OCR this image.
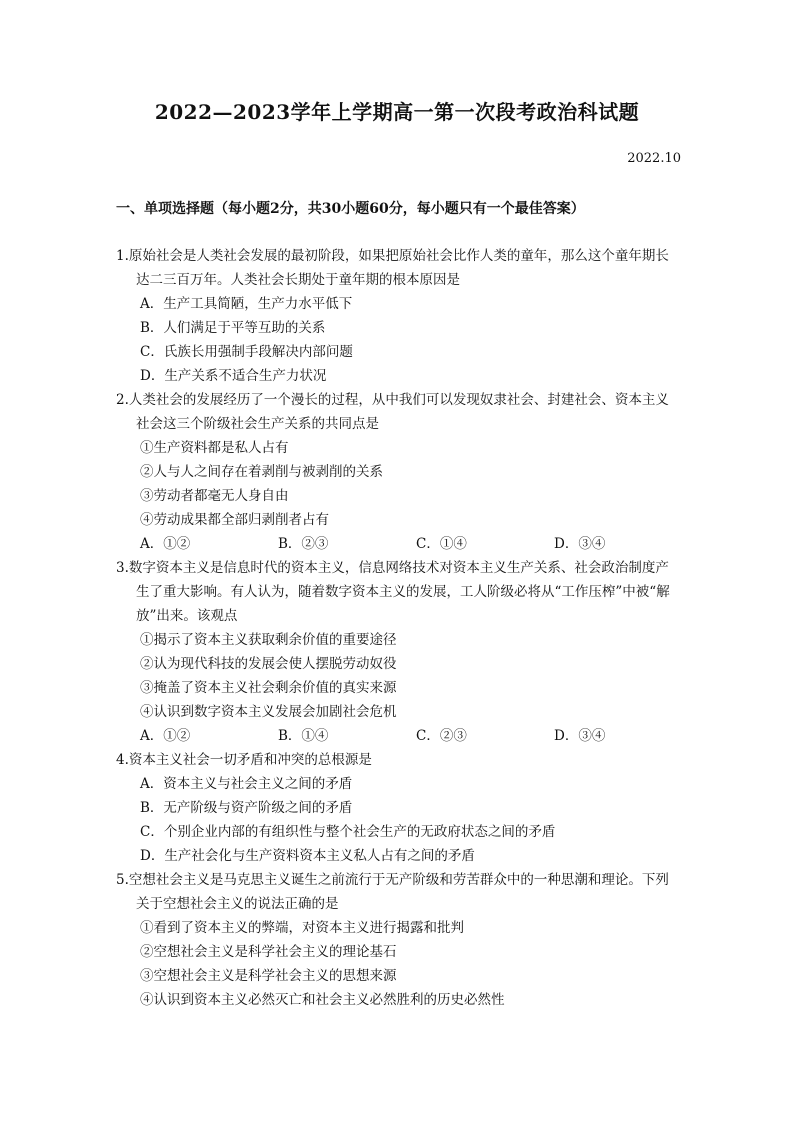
2022—2023学年上学期高一第一次段考政治科试题
2022.10
一、单项选择题（每小题2分，共30小题60分，每小题只有一个最佳答案）

1.原始社会是人类社会发展的最初阶段，如果把原始社会比作人类的童年，那么这个童年期长达二三百万年。人类社会长期处于童年期的根本原因是

A．生产工具简陋，生产力水平低下

B．人们满足于平等互助的关系

C．氏族长用强制手段解决内部问题

D．生产关系不适合生产力状况

2.人类社会的发展经历了一个漫长的过程，从中我们可以发现奴隶社会、封建社会、资本主义社会这三个阶级社会生产关系的共同点是

①生产资料都是私人占有

②人与人之间存在着剥削与被剥削的关系

③劳动者都毫无人身自由

④劳动成果都全部归剥削者占有

A．①②	B．②③	C．①④	D．③④

3.数字资本主义是信息时代的资本主义，信息网络技术对资本主义生产关系、社会政治制度产生了重大影响。有人认为，随着数字资本主义的发展，工人阶级必将从“工作压榨”中被“解放”出来。该观点

①揭示了资本主义获取剩余价值的重要途径

②认为现代科技的发展会使人摆脱劳动奴役

③掩盖了资本主义社会剩余价值的真实来源

④认识到数字资本主义发展会加剧社会危机

A．①②	B．①④	C．②③	D．③④

4.资本主义社会一切矛盾和冲突的总根源是

A．资本主义与社会主义之间的矛盾

B．无产阶级与资产阶级之间的矛盾

C．个别企业内部的有组织性与整个社会生产的无政府状态之间的矛盾

D．生产社会化与生产资料资本主义私人占有之间的矛盾

5.空想社会主义是马克思主义诞生之前流行于无产阶级和劳苦群众中的一种思潮和理论。下列关于空想社会主义的说法正确的是

①看到了资本主义的弊端，对资本主义进行揭露和批判

②空想社会主义是科学社会主义的理论基石

③空想社会主义是科学社会主义的思想来源

④认识到资本主义必然灭亡和社会主义必然胜利的历史必然性
